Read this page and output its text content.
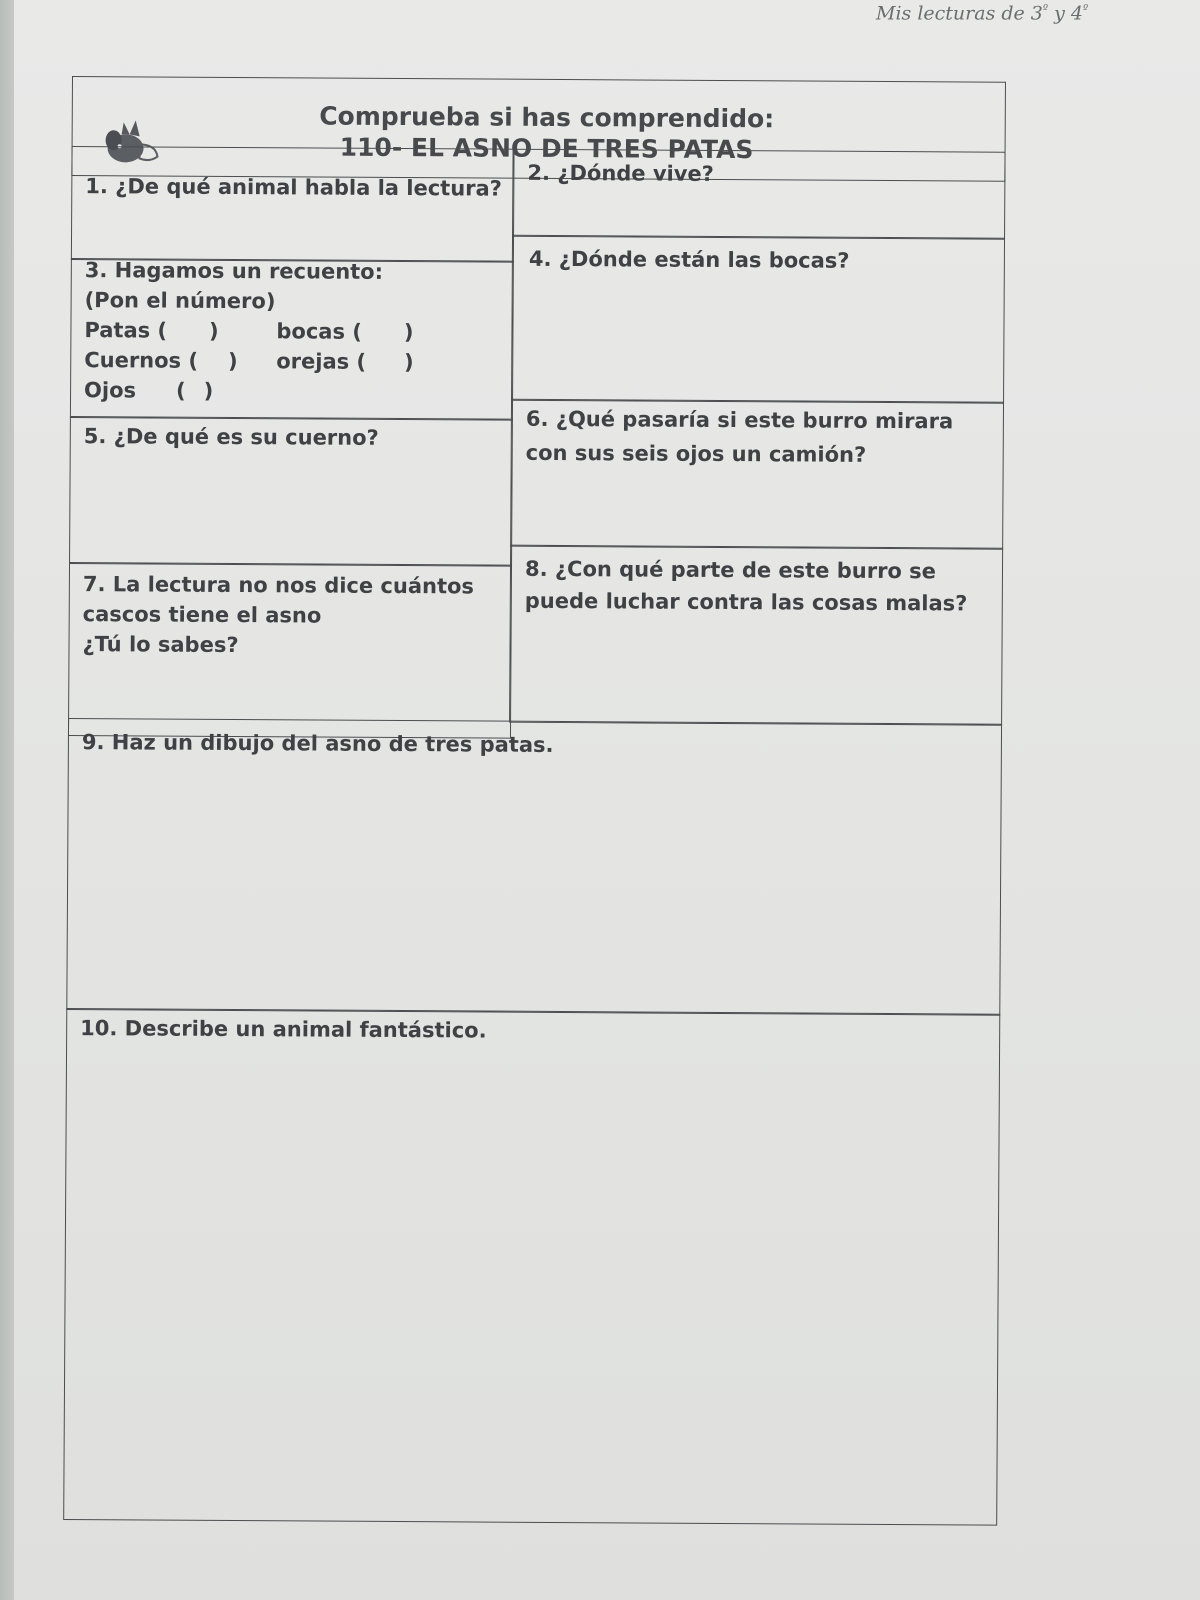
Mis lecturas de $3^º$ y $4^º$
Comprueba si has comprendido:
110- EL ASNO DE TRES PATAS
1. ¿De qué animal habla la lectura?
2. ¿Dónde vive?
3. Hagamos un recuento:
(Pon el número)
Patas ( )	bocas ( )
Cuernos ( ) orejas ( )
Ojos ( )
4. ¿Dónde están las bocas?
5. ¿De qué es su cuerno?
6. ¿Qué pasaría si este burro mirara
con sus seis ojos un camión?
7. La lectura no nos dice cuántos
cascos tiene el asno
¿Tú lo sabes?
8. ¿Con qué parte de este burro se
puede luchar contra las cosas malas?
9. Haz un dibujo del asno de tres patas.
10. Describe un animal fantástico.
